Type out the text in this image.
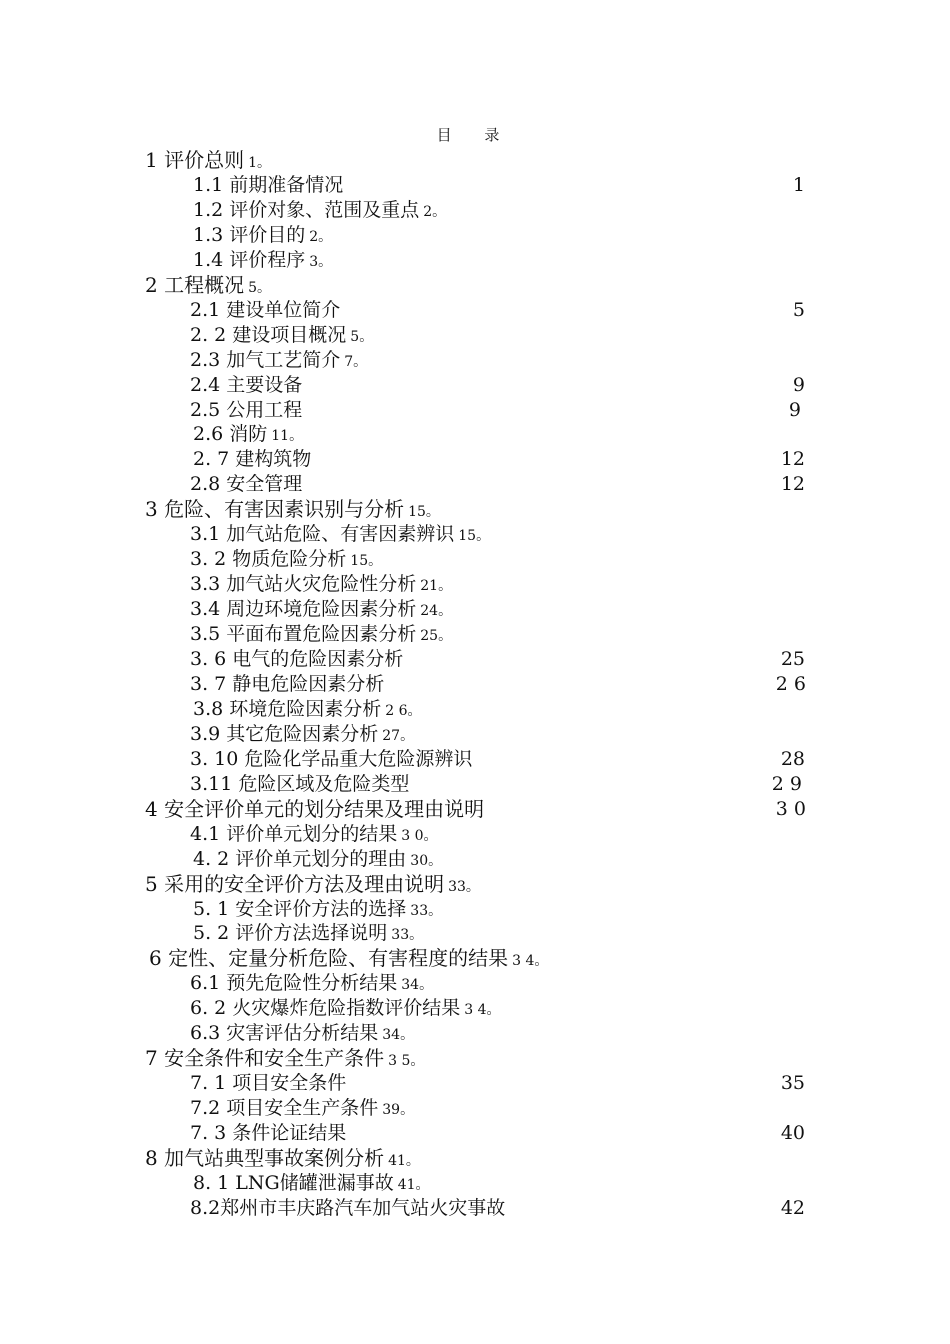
目 录
1 评价总则 1。
1.1 前期准备情况	1
1.2 评价对象、范围及重点 2。
1.3 评价目的 2。
1.4 评价程序 3。
2 工程概况 5。
2.1 建设单位简介	5
2. 2 建设项目概况 5。
2.3 加气工艺简介 7。
2.4 主要设备	9
2.5 公用工程	9
2.6 消防 11。
2. 7 建构筑物	12
2.8 安全管理	12
3 危险、有害因素识别与分析 15。
3.1 加气站危险、有害因素辨识 15。
3. 2 物质危险分析 15。
3.3 加气站火灾危险性分析 21。
3.4 周边环境危险因素分析 24。
3.5 平面布置危险因素分析 25。
3. 6 电气的危险因素分析	25
3. 7 静电危险因素分析	2 6
3.8 环境危险因素分析 2 6。
3.9 其它危险因素分析 27。
3. 10 危险化学品重大危险源辨识	28
3.11 危险区域及危险类型	2 9
4 安全评价单元的划分结果及理由说明	3 0
4.1 评价单元划分的结果 3 0。
4. 2 评价单元划分的理由 30。
5 采用的安全评价方法及理由说明 33。
5. 1 安全评价方法的选择 33。
5. 2 评价方法选择说明 33。
6 定性、定量分析危险、有害程度的结果 3 4。
6.1 预先危险性分析结果 34。
6. 2 火灾爆炸危险指数评价结果 3 4。
6.3 灾害评估分析结果 34。
7 安全条件和安全生产条件 3 5。
7. 1 项目安全条件	35
7.2 项目安全生产条件 39。
7. 3 条件论证结果	40
8 加气站典型事故案例分析 41。
8. 1 LNG储罐泄漏事故 41。
8.2郑州市丰庆路汽车加气站火灾事故	42
